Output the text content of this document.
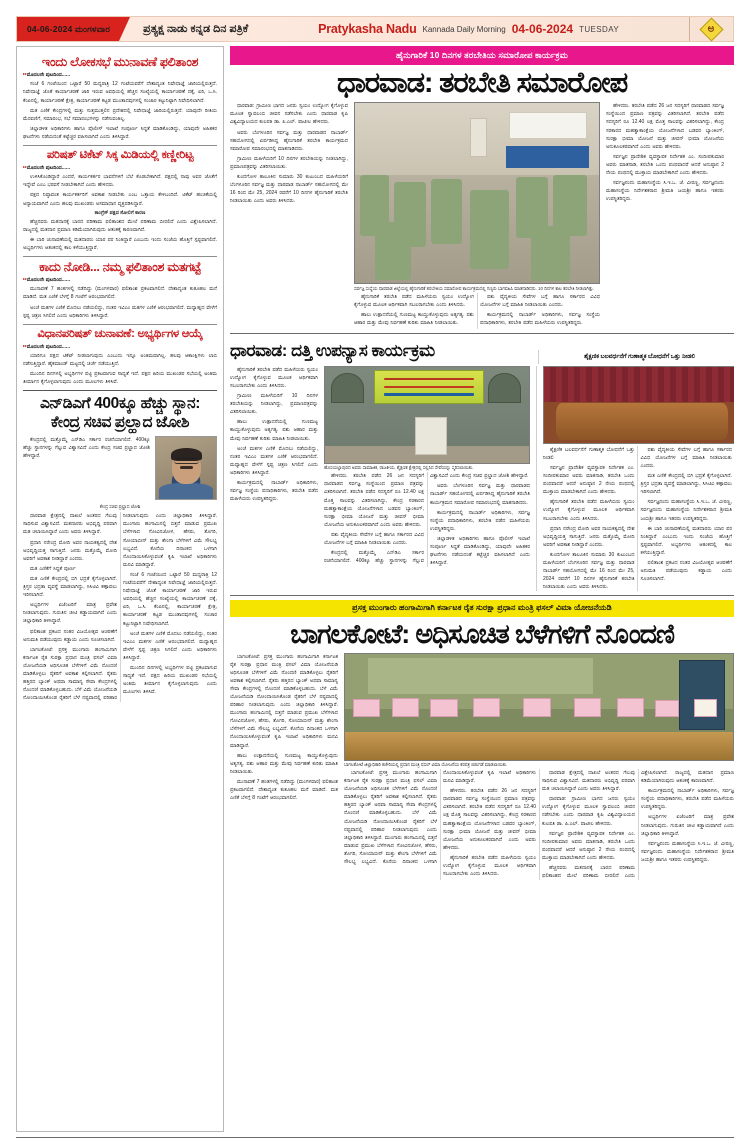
04-06-2024 ಮಂಗಳವಾರ	ಪ್ರತ್ಯಕ್ಷ ನಾಡು ಕನ್ನಡ ದಿನ ಪತ್ರಿಕೆ	Pratykasha Nadu Kannada Daily Morning 04-06-2024 TUESDAY	ಅ
ಇಂದು ಲೋಕಸಭೆ ಮುನಾವಣೆ ಫಲಿತಾಂಶ
▸▸ ಮೊದಲನೇ ಪುಟದಿಂದ......

ಸಂಜೆ 6 ಗಂಟೆಯಿಂದ ಒಟ್ಟಾರೆ 50 ಮಧ್ಯರಾತ್ರಿ 12 ಗಂಟೆಯವರೆಗೆ ದೇಶಾದ್ಯಂತ ನಿಷೇಧಾಜ್ಞೆ ಜಾರಿಯಲ್ಲಿರುತ್ತದೆ. ನಿಷೇಧಾಜ್ಞೆ ಜೊತೆ ಕಾರ್ಯಾಚರಣೆ ಜಾರಿ ಇರುವ ಅವಧಿಯಲ್ಲಿ ಹೆಚ್ಚಿನ ಸಂಖ್ಯೆಯಲ್ಲಿ ಕಾರ್ಯಾಚರಣೆ ದಕ್ಕೆ, ಏರಿ, ಒ.ಸಿ. ಕೆಂಪಿನಲ್ಲಿ, ಕಾರ್ಯಾಚರಣೆ ಕ್ಷೇತ್ರ, ಕಾರ್ಯಾಚರಣೆ ಕಟ್ಟಡ ಮುಂತಾದವುಗಳಲ್ಲಿ ಸಂಚಾರ ಕಟ್ಟುನಿಟ್ಟಾಗಿ ನಿಷೇಧಿಸಲಾಗಿದೆ.

ಮತ ಎಣಿಕೆ ಕೇಂದ್ರಗಳಲ್ಲಿ ಮತ್ತು ಸುತ್ತಮುತ್ತಲಿನ ಪ್ರದೇಶದಲ್ಲಿ ನಿಷೇಧಾಜ್ಞೆ ಜಾರಿಯಲ್ಲಿರುತ್ತದೆ. ಯಾವುದೇ ರೀತಿಯ ಮೆರವಣಿಗೆ, ಸಮಾರಂಭ, ಸಭೆ ಸಮಾರಂಭಗಳನ್ನು ನಡೆಸುವಂತಿಲ್ಲ.

ಜಿಲ್ಲಾಡಳಿತ ಅಧಿಕಾರಿಗಳು ಹಾಗೂ ಪೊಲೀಸ್ ಇಲಾಖೆ ಸಂಪೂರ್ಣ ಸಿದ್ಧತೆ ಮಾಡಿಕೊಂಡಿದ್ದು, ಯಾವುದೇ ಅಹಿತಕರ ಘಟನೆಗಳು ನಡೆಯದಂತೆ ಕಟ್ಟೆಚ್ಚರ ವಹಿಸಲಾಗಿದೆ ಎಂದು ತಿಳಿಸಿದ್ದಾರೆ.

ಪರಿಷತ್ ಟಿಕೆಟ್ ಸಿಕ್ಕ ಮಿಡಿಯಲ್ಲಿ ಕಣ್ಣೀರಿಟ್ಟ
▸▸ ಮೊದಲನೇ ಪುಟದಿಂದ......

ಉಳಿಸಿಕೊಂಡಿದ್ದಾರೆ ಎಂದರೆ, ಕಾರ್ಯಕರ್ತರ ಭಾವನೆಗಳಿಗೆ ಬೆಲೆ ಕೊಡಬೇಕಾಗಿದೆ. ಪಕ್ಷದಲ್ಲಿ ನಾವು ಅವರ ಜೊತೆಗೆ ಇದ್ದೇವೆ ಎಂಬ ಭರವಸೆ ನೀಡಬೇಕಾಗಿದೆ ಎಂದು ಹೇಳಿದರು.

ಪಕ್ಷದ ನಿಷ್ಠಾವಂತ ಕಾರ್ಯಕರ್ತರಿಗೆ ಅವಕಾಶ ನೀಡಬೇಕು ಎಂಬ ಒತ್ತಾಯ ಕೇಳಿಬಂದಿದೆ. ಟಿಕೆಟ್ ಹಂಚಿಕೆಯಲ್ಲಿ ಅನ್ಯಾಯವಾಗಿದೆ ಎಂದು ಹಲವು ಮುಖಂಡರು ಅಸಮಾಧಾನ ವ್ಯಕ್ತಪಡಿಸಿದ್ದಾರೆ.

ಕಾಂಗ್ರೆಸ್ ಪಕ್ಷದ ಸೋಲಿಗೆ ಕಾರಣ

ಹೆಚ್ಚಿನವರು ಮತದಾನಕ್ಕೆ ಬಾರದ ಪರಿಣಾಮ ಫಲಿತಾಂಶದ ಮೇಲೆ ಪರಿಣಾಮ ಬೀರಲಿದೆ ಎಂದು ವಿಶ್ಲೇಷಿಸಲಾಗಿದೆ. ರಾಜ್ಯದಲ್ಲಿ ಮತದಾನ ಪ್ರಮಾಣ ಕಡಿಮೆಯಾಗಿರುವುದು ಆತಂಕಕ್ಕೆ ಕಾರಣವಾಗಿದೆ.

ಈ ಬಾರಿ ಚುನಾವಣೆಯಲ್ಲಿ ಮತದಾರರು ಯಾರ ಪರ ನಿಂತಿದ್ದಾರೆ ಎಂಬುದು ಇಂದು ಸಂಜೆಯ ಹೊತ್ತಿಗೆ ಸ್ಪಷ್ಟವಾಗಲಿದೆ. ಅಭ್ಯರ್ಥಿಗಳು ಆತಂಕದಲ್ಲಿ ಕಾಲ ಕಳೆಯುತ್ತಿದ್ದಾರೆ.

ಕಾದು ನೋಡಿ... ನಮ್ಮ ಫಲಿತಾಂಶ ಮತಗಟ್ಟೆ
▸▸ ಮೊದಲನೇ ಪುಟದಿಂದ......

ಮುನಾವಣೆ 7 ಹಂತಗಳಲ್ಲಿ ನಡೆದಿದ್ದು (ಮಂಗಳವಾರ) ಫಲಿತಾಂಶ ಪ್ರಕಟವಾಗಲಿದೆ. ದೇಶಾದ್ಯಂತ ಕುತೂಹಲ ಮನೆ ಮಾಡಿದೆ. ಮತ ಎಣಿಕೆ ಬೆಳಗ್ಗೆ 8 ಗಂಟೆಗೆ ಆರಂಭವಾಗಲಿದೆ.

ಅಂಚೆ ಮತಗಳ ಎಣಿಕೆ ಮೊದಲು ನಡೆಯಲಿದ್ದು, ನಂತರ ಇವಿಎಂ ಮತಗಳ ಎಣಿಕೆ ಆರಂಭವಾಗಲಿದೆ. ಮಧ್ಯಾಹ್ನದ ವೇಳೆಗೆ ಸ್ಪಷ್ಟ ಚಿತ್ರಣ ಸಿಗಲಿದೆ ಎಂದು ಅಧಿಕಾರಿಗಳು ತಿಳಿಸಿದ್ದಾರೆ.

ವಿಧಾನಪರಿಷತ್ ಚುನಾವಣೆ: ಅಭ್ಯರ್ಥಿಗಳ ಆಯ್ಕೆ
▸▸ ಮೊದಲನೇ ಪುಟದಿಂದ......

ಯಾರಿಗೂ ಪಕ್ಷದ ಟಿಕೆಟ್ ನೀಡಲಾಗುವುದು ಎಂಬುದು ಇನ್ನೂ ಅಂತಿಮವಾಗಿಲ್ಲ. ಹಲವು ಆಕಾಂಕ್ಷಿಗಳು ಲಾಬಿ ನಡೆಸುತ್ತಿದ್ದಾರೆ. ಹೈಕಮಾಂಡ್ ಮಟ್ಟದಲ್ಲಿ ಚರ್ಚೆ ನಡೆಯುತ್ತಿದೆ.

ಮುಂದಿನ ದಿನಗಳಲ್ಲಿ ಅಭ್ಯರ್ಥಿಗಳ ಪಟ್ಟಿ ಪ್ರಕಟವಾಗುವ ಸಾಧ್ಯತೆ ಇದೆ. ಪಕ್ಷದ ಹಿರಿಯ ಮುಖಂಡರ ಸಭೆಯಲ್ಲಿ ಅಂತಿಮ ತೀರ್ಮಾನ ಕೈಗೊಳ್ಳಲಾಗುವುದು ಎಂದು ಮೂಲಗಳು ತಿಳಿಸಿವೆ.

ಎನ್‌ಡಿಎಗೆ 400ಕ್ಕೂ ಹೆಚ್ಚು ಸ್ಥಾನ:
ಕೇಂದ್ರ ಸಚಿವ ಪ್ರಲ್ಹಾದ ಜೋಶಿ

ಕೇಂದ್ರದಲ್ಲಿ ಮತ್ತೊಮ್ಮೆ ಎನ್‌ಡಿಎ ಸರ್ಕಾರ ರಚನೆಯಾಗಲಿದೆ. 400ಕ್ಕೂ ಹೆಚ್ಚು ಸ್ಥಾನಗಳನ್ನು ಗೆಲ್ಲುವ ವಿಶ್ವಾಸವಿದೆ ಎಂದು ಕೇಂದ್ರ ಸಚಿವ ಪ್ರಲ್ಹಾದ ಜೋಶಿ ಹೇಳಿದ್ದಾರೆ.

ಕೇಂದ್ರ ಸಚಿವ ಪ್ರಲ್ಹಾದ ಜೋಶಿ

ಧಾರವಾಡ ಕ್ಷೇತ್ರದಲ್ಲಿ ದಾಖಲೆ ಅಂತರದ ಗೆಲುವು ಸಾಧಿಸುವ ವಿಶ್ವಾಸವಿದೆ. ಮತದಾರರು ಅಭಿವೃದ್ಧಿ ಪರವಾಗಿ ಮತ ಚಲಾಯಿಸಿದ್ದಾರೆ ಎಂದು ಅವರು ತಿಳಿಸಿದ್ದಾರೆ.

ಪ್ರಧಾನಿ ನರೇಂದ್ರ ಮೋದಿ ಅವರ ನಾಯಕತ್ವದಲ್ಲಿ ದೇಶ ಅಭಿವೃದ್ಧಿಯತ್ತ ಸಾಗುತ್ತಿದೆ. ಜನರು ಮತ್ತೊಮ್ಮೆ ಮೋದಿ ಅವರಿಗೆ ಅವಕಾಶ ನೀಡಿದ್ದಾರೆ ಎಂದರು.

ಮತ ಎಣಿಕೆಗೆ ಸಿದ್ಧತೆ ಪೂರ್ಣ

ಮತ ಎಣಿಕೆ ಕೇಂದ್ರದಲ್ಲಿ ಬಿಗಿ ಭದ್ರತೆ ಕೈಗೊಳ್ಳಲಾಗಿದೆ. ತ್ರಿಸ್ತರ ಭದ್ರತಾ ವ್ಯವಸ್ಥೆ ಮಾಡಲಾಗಿದ್ದು, ಸಿಸಿಟಿವಿ ಕಣ್ಗಾವಲು ಇರಿಸಲಾಗಿದೆ.

ಅಭ್ಯರ್ಥಿಗಳ ಏಜೆಂಟರಿಗೆ ಮಾತ್ರ ಪ್ರವೇಶ ನೀಡಲಾಗುವುದು. ಗುರುತಿನ ಚೀಟಿ ಕಡ್ಡಾಯವಾಗಿದೆ ಎಂದು ಜಿಲ್ಲಾಧಿಕಾರಿ ತಿಳಿಸಿದ್ದಾರೆ.

ಫಲಿತಾಂಶ ಪ್ರಕಟದ ನಂತರ ವಿಜಯೋತ್ಸವ ಆಚರಣೆಗೆ ಅನುಮತಿ ಪಡೆಯುವುದು ಕಡ್ಡಾಯ ಎಂದು ಸೂಚಿಸಲಾಗಿದೆ.

ಬಾಗಲಕೋಟೆ: ಪ್ರಸಕ್ತ ಮುಂಗಾರು ಹಂಗಾಮಿಗಾಗಿ ಕರ್ನಾಟಕ ರೈತ ಸುರಕ್ಷಾ ಪ್ರಧಾನ ಮಂತ್ರಿ ಫಸಲ್ ವಿಮಾ ಯೋಜನೆಯಡಿ ಅಧಿಸೂಚಿತ ಬೆಳೆಗಳಿಗೆ ವಿಮೆ ನೊಂದಣಿ ಮಾಡಿಕೊಳ್ಳಲು ರೈತರಿಗೆ ಅವಕಾಶ ಕಲ್ಪಿಸಲಾಗಿದೆ. ರೈತರು ಹತ್ತಿರದ ಬ್ಯಾಂಕ್ ಅಥವಾ ಸಾಮಾನ್ಯ ಸೇವಾ ಕೇಂದ್ರಗಳಲ್ಲಿ ನೊಂದಣಿ ಮಾಡಿಕೊಳ್ಳಬಹುದು. ಬೆಳೆ ವಿಮೆ ಯೋಜನೆಯಡಿ ನೋಂದಾಯಿಸಿಕೊಂಡ ರೈತರಿಗೆ ಬೆಳೆ ನಷ್ಟವಾದಲ್ಲಿ ಪರಿಹಾರ ನೀಡಲಾಗುವುದು ಎಂದು ಜಿಲ್ಲಾಧಿಕಾರಿ ತಿಳಿಸಿದ್ದಾರೆ. ಮುಂಗಾರು ಹಂಗಾಮಿನಲ್ಲಿ ಬಿತ್ತನೆ ಮಾಡುವ ಪ್ರಮುಖ ಬೆಳೆಗಳಾದ ಗೋವಿನಜೋಳ, ಹೆಸರು, ತೊಗರಿ, ಸೋಯಾಬೀನ್ ಮತ್ತು ಶೇಂಗಾ ಬೆಳೆಗಳಿಗೆ ವಿಮೆ ಸೌಲಭ್ಯ ಲಭ್ಯವಿದೆ. ಕೊನೆಯ ದಿನಾಂಕದ ಒಳಗಾಗಿ ನೊಂದಾಯಿಸಿಕೊಳ್ಳುವಂತೆ ಕೃಷಿ ಇಲಾಖೆ ಅಧಿಕಾರಿಗಳು ಮನವಿ ಮಾಡಿದ್ದಾರೆ.

ಸಂಜೆ 6 ಗಂಟೆಯಿಂದ ಒಟ್ಟಾರೆ 50 ಮಧ್ಯರಾತ್ರಿ 12 ಗಂಟೆಯವರೆಗೆ ದೇಶಾದ್ಯಂತ ನಿಷೇಧಾಜ್ಞೆ ಜಾರಿಯಲ್ಲಿರುತ್ತದೆ. ನಿಷೇಧಾಜ್ಞೆ ಜೊತೆ ಕಾರ್ಯಾಚರಣೆ ಜಾರಿ ಇರುವ ಅವಧಿಯಲ್ಲಿ ಹೆಚ್ಚಿನ ಸಂಖ್ಯೆಯಲ್ಲಿ ಕಾರ್ಯಾಚರಣೆ ದಕ್ಕೆ, ಏರಿ, ಒ.ಸಿ. ಕೆಂಪಿನಲ್ಲಿ, ಕಾರ್ಯಾಚರಣೆ ಕ್ಷೇತ್ರ, ಕಾರ್ಯಾಚರಣೆ ಕಟ್ಟಡ ಮುಂತಾದವುಗಳಲ್ಲಿ ಸಂಚಾರ ಕಟ್ಟುನಿಟ್ಟಾಗಿ ನಿಷೇಧಿಸಲಾಗಿದೆ.

ಅಂಚೆ ಮತಗಳ ಎಣಿಕೆ ಮೊದಲು ನಡೆಯಲಿದ್ದು, ನಂತರ ಇವಿಎಂ ಮತಗಳ ಎಣಿಕೆ ಆರಂಭವಾಗಲಿದೆ. ಮಧ್ಯಾಹ್ನದ ವೇಳೆಗೆ ಸ್ಪಷ್ಟ ಚಿತ್ರಣ ಸಿಗಲಿದೆ ಎಂದು ಅಧಿಕಾರಿಗಳು ತಿಳಿಸಿದ್ದಾರೆ.

ಮುಂದಿನ ದಿನಗಳಲ್ಲಿ ಅಭ್ಯರ್ಥಿಗಳ ಪಟ್ಟಿ ಪ್ರಕಟವಾಗುವ ಸಾಧ್ಯತೆ ಇದೆ. ಪಕ್ಷದ ಹಿರಿಯ ಮುಖಂಡರ ಸಭೆಯಲ್ಲಿ ಅಂತಿಮ ತೀರ್ಮಾನ ಕೈಗೊಳ್ಳಲಾಗುವುದು ಎಂದು ಮೂಲಗಳು ತಿಳಿಸಿವೆ.

ಹೈನುಗಾರಿಕೆ 10 ದಿನಗಳ ತರಬೇತಿಯ ಸಮಾರೋಪ ಕಾರ್ಯಕ್ರಮ
ಧಾರವಾಡ: ತರಬೇತಿ ಸಮಾರೋಪ

ಧಾರವಾಡ: ಗ್ರಾಮೀಣ ಭಾಗದ ಜನರು ಸ್ವಯಂ ಉದ್ಯೋಗ ಕೈಗೊಳ್ಳುವ ಮೂಲಕ ಸ್ವಾವಲಂಬಿ ಜೀವನ ನಡೆಸಬೇಕು ಎಂದು ಧಾರವಾಡ ಕೃಷಿ ವಿಶ್ವವಿದ್ಯಾಲಯದ ಕುಲಪತಿ ಡಾ. ಪಿ.ಎಲ್. ಪಾಟೀಲ ಹೇಳಿದರು.

ಅವರು ಬೆಂಗಳೂರಿನ ಸರ್ವಜ್ಞ ಮತ್ತು ಧಾರವಾಡದ ನಾಬಾರ್ಡ್ ಸಹಯೋಗದಲ್ಲಿ ಏರ್ಪಡಿಸಿದ್ದ ಹೈನುಗಾರಿಕೆ ತರಬೇತಿ ಕಾರ್ಯಕ್ರಮದ ಸಮಾರೋಪ ಸಮಾರಂಭದಲ್ಲಿ ಮಾತನಾಡಿದರು.

ಗ್ರಾಮೀಣ ಮಹಿಳೆಯರಿಗೆ 10 ದಿನಗಳ ತರಬೇತಿಯನ್ನು ನೀಡಲಾಗಿದ್ದು, ಪ್ರಮಾಣಪತ್ರವನ್ನು ವಿತರಿಸಲಾಯಿತು.

ಕುಂದಗೋಳ ತಾಲೂಕಿನ ಸುಮಾರು 30 ಕುಟುಂಬದ ಮಹಿಳೆಯರಿಗೆ ಬೆಂಗಳೂರಿನ ಸರ್ವಜ್ಞ ಮತ್ತು ಧಾರವಾಡ ನಾಬಾರ್ಡ್ ಸಹಯೋಗದಲ್ಲಿ ಮೇ 16 ರಿಂದ ಮೇ 25, 2024 ರವರೆಗೆ 10 ದಿನಗಳ ಹೈನುಗಾರಿಕೆ ತರಬೇತಿ ನೀಡಲಾಯಿತು ಎಂದು ಅವರು ತಿಳಿಸಿದರು.

ಸರ್ವಜ್ಞ ಸಂಸ್ಥೆಯ ಧಾರವಾಡ ಜಿಲ್ಲೆಯಲ್ಲಿ ಹೈನುಗಾರಿಕೆ ತರಬೇತಿಯ ಸಮಾರೋಪ ಕಾರ್ಯಕ್ರಮದಲ್ಲಿ ಗಣ್ಯರು ಭಾಗವಹಿಸಿ ಮಾತನಾಡಿದರು. 10 ದಿನಗಳ ಕಾಲ ತರಬೇತಿ ನೀಡಲಾಗಿತ್ತು.

ಹೈನುಗಾರಿಕೆ ತರಬೇತಿ ಪಡೆದ ಮಹಿಳೆಯರು ಸ್ವಯಂ ಉದ್ಯೋಗ ಕೈಗೊಳ್ಳುವ ಮೂಲಕ ಆರ್ಥಿಕವಾಗಿ ಸಬಲರಾಗಬೇಕು ಎಂದು ತಿಳಿಸಿದರು.

ಹಾಲು ಉತ್ಪಾದನೆಯಲ್ಲಿ ಗುಣಮಟ್ಟ ಕಾಯ್ದುಕೊಳ್ಳುವುದು ಅತ್ಯಗತ್ಯ. ಪಶು ಆಹಾರ ಮತ್ತು ಮೇವು ನಿರ್ವಹಣೆ ಕುರಿತು ಮಾಹಿತಿ ನೀಡಲಾಯಿತು.

ಪಶು ವೈದ್ಯಕೀಯ ಸೇವೆಗಳ ಬಗ್ಗೆ ಹಾಗೂ ಸರ್ಕಾರದ ವಿವಿಧ ಯೋಜನೆಗಳ ಬಗ್ಗೆ ಮಾಹಿತಿ ನೀಡಲಾಯಿತು ಎಂದರು.

ಕಾರ್ಯಕ್ರಮದಲ್ಲಿ ನಾಬಾರ್ಡ್ ಅಧಿಕಾರಿಗಳು, ಸರ್ವಜ್ಞ ಸಂಸ್ಥೆಯ ಪದಾಧಿಕಾರಿಗಳು, ತರಬೇತಿ ಪಡೆದ ಮಹಿಳೆಯರು ಉಪಸ್ಥಿತರಿದ್ದರು.

ಹೇಳಿದರು. ತರಬೇತಿ ಪಡೆದ 26 ಜನ ಸದಸ್ಯರಿಗೆ ಧಾರವಾಡದ ಸರ್ವಜ್ಞ ಸಂಸ್ಥೆಯಿಂದ ಪ್ರಮಾಣ ಪತ್ರವನ್ನು ವಿತರಿಸಲಾಗಿದೆ. ತರಬೇತಿ ಪಡೆದ ಸದಸ್ಯರಿಗೆ ರೂ 12.40 ಲಕ್ಷ ಮೊತ್ತ ಸಾಲವನ್ನು ವಿತರಿಸಲಾಗಿದ್ದು, ಕೇಂದ್ರ ಸರಕಾರದ ಮಹತ್ವಾಕಾಂಕ್ಷೆಯ ಯೋಜನೆಗಳಾದ ಬಡವರ ಬ್ಯಾಂಕಿಂಗ್, ಸುರಕ್ಷಾ ಭೀಮಾ ಯೋಜನೆ ಮತ್ತು ಜೀವನ್ ಭೀಮಾ ಯೋಜನೆಯ ಅನುಕೂಲಕರವಾಗಿದೆ ಎಂದು ಅವರು ಹೇಳಿದರು.

ಸರ್ವಜ್ಞನ ಪ್ರಾದೇಶಿಕ ವ್ಯವಸ್ಥಾಪಕ ನಿರ್ದೇಶಕ ಎಂ. ಸಂದೀಪಕುಮಾರ ಅವರು ಮಾತನಾಡಿ, ತರಬೇತಿ ಒಂದು ಪಂಥವಾದರೆ ಆದರೆ ಅನುಷ್ಠಾನ 2 ನೇಯ ಪಂಥದಲ್ಲಿ ಮುಕ್ತಾಯ ಮಾಡಬೇಕಾಗಿದೆ ಎಂದು ಹೇಳಿದರು.

ಸರ್ವಜ್ಞನಂದು ಮಹಾಸಂಸ್ಥೆಯ ಸಿ.ಇ.ಒ. ಜೆ. ವೀರಣ್ಣ, ಸರ್ವಜ್ಞನಂದು ಮಹಾಸಂಸ್ಥೆಯ ನಿರ್ದೇಶಕರಾದ ಶ್ರೀಮತಿ ಜಯಶ್ರೀ ಹಾಗೂ ಇತರರು ಉಪಸ್ಥಿತರಿದ್ದರು.

ಧಾರವಾಡ: ದತ್ತಿ ಉಪನ್ಯಾಸ ಕಾರ್ಯಕ್ರಮ	ಶೈಕ್ಷಣಿಕ ಬಲವರ್ಧನೆಗೆ ಗುಣಾತ್ಮಕ ಬೋಧನೆಗೆ ಒತ್ತು ನೀಡಲಿ

ಹೈನುಗಾರಿಕೆ ತರಬೇತಿ ಪಡೆದ ಮಹಿಳೆಯರು ಸ್ವಯಂ ಉದ್ಯೋಗ ಕೈಗೊಳ್ಳುವ ಮೂಲಕ ಆರ್ಥಿಕವಾಗಿ ಸಬಲರಾಗಬೇಕು ಎಂದು ತಿಳಿಸಿದರು.

ಗ್ರಾಮೀಣ ಮಹಿಳೆಯರಿಗೆ 10 ದಿನಗಳ ತರಬೇತಿಯನ್ನು ನೀಡಲಾಗಿದ್ದು, ಪ್ರಮಾಣಪತ್ರವನ್ನು ವಿತರಿಸಲಾಯಿತು.

ಹಾಲು ಉತ್ಪಾದನೆಯಲ್ಲಿ ಗುಣಮಟ್ಟ ಕಾಯ್ದುಕೊಳ್ಳುವುದು ಅತ್ಯಗತ್ಯ. ಪಶು ಆಹಾರ ಮತ್ತು ಮೇವು ನಿರ್ವಹಣೆ ಕುರಿತು ಮಾಹಿತಿ ನೀಡಲಾಯಿತು.

ಅಂಚೆ ಮತಗಳ ಎಣಿಕೆ ಮೊದಲು ನಡೆಯಲಿದ್ದು, ನಂತರ ಇವಿಎಂ ಮತಗಳ ಎಣಿಕೆ ಆರಂಭವಾಗಲಿದೆ. ಮಧ್ಯಾಹ್ನದ ವೇಳೆಗೆ ಸ್ಪಷ್ಟ ಚಿತ್ರಣ ಸಿಗಲಿದೆ ಎಂದು ಅಧಿಕಾರಿಗಳು ತಿಳಿಸಿದ್ದಾರೆ.

ಕಾರ್ಯಕ್ರಮದಲ್ಲಿ ನಾಬಾರ್ಡ್ ಅಧಿಕಾರಿಗಳು, ಸರ್ವಜ್ಞ ಸಂಸ್ಥೆಯ ಪದಾಧಿಕಾರಿಗಳು, ತರಬೇತಿ ಪಡೆದ ಮಹಿಳೆಯರು ಉಪಸ್ಥಿತರಿದ್ದರು.

ಹೊಸಯಲ್ಲಾಪುರದ ಅವರು ಸಾಮಾಜಿಕ, ರಾಜಕೀಯ, ಶೈಕ್ಷಣಿಕ ಕ್ಷೇತ್ರದಲ್ಲಿ ಸಲ್ಲಿಸಿದ ಸೇವೆಯನ್ನು ಸ್ಮರಿಸಲಾಯಿತು.

ಹೇಳಿದರು. ತರಬೇತಿ ಪಡೆದ 26 ಜನ ಸದಸ್ಯರಿಗೆ ಧಾರವಾಡದ ಸರ್ವಜ್ಞ ಸಂಸ್ಥೆಯಿಂದ ಪ್ರಮಾಣ ಪತ್ರವನ್ನು ವಿತರಿಸಲಾಗಿದೆ. ತರಬೇತಿ ಪಡೆದ ಸದಸ್ಯರಿಗೆ ರೂ 12.40 ಲಕ್ಷ ಮೊತ್ತ ಸಾಲವನ್ನು ವಿತರಿಸಲಾಗಿದ್ದು, ಕೇಂದ್ರ ಸರಕಾರದ ಮಹತ್ವಾಕಾಂಕ್ಷೆಯ ಯೋಜನೆಗಳಾದ ಬಡವರ ಬ್ಯಾಂಕಿಂಗ್, ಸುರಕ್ಷಾ ಭೀಮಾ ಯೋಜನೆ ಮತ್ತು ಜೀವನ್ ಭೀಮಾ ಯೋಜನೆಯ ಅನುಕೂಲಕರವಾಗಿದೆ ಎಂದು ಅವರು ಹೇಳಿದರು.

ಪಶು ವೈದ್ಯಕೀಯ ಸೇವೆಗಳ ಬಗ್ಗೆ ಹಾಗೂ ಸರ್ಕಾರದ ವಿವಿಧ ಯೋಜನೆಗಳ ಬಗ್ಗೆ ಮಾಹಿತಿ ನೀಡಲಾಯಿತು ಎಂದರು.

ಕೇಂದ್ರದಲ್ಲಿ ಮತ್ತೊಮ್ಮೆ ಎನ್‌ಡಿಎ ಸರ್ಕಾರ ರಚನೆಯಾಗಲಿದೆ. 400ಕ್ಕೂ ಹೆಚ್ಚು ಸ್ಥಾನಗಳನ್ನು ಗೆಲ್ಲುವ ವಿಶ್ವಾಸವಿದೆ ಎಂದು ಕೇಂದ್ರ ಸಚಿವ ಪ್ರಲ್ಹಾದ ಜೋಶಿ ಹೇಳಿದ್ದಾರೆ.

ಅವರು ಬೆಂಗಳೂರಿನ ಸರ್ವಜ್ಞ ಮತ್ತು ಧಾರವಾಡದ ನಾಬಾರ್ಡ್ ಸಹಯೋಗದಲ್ಲಿ ಏರ್ಪಡಿಸಿದ್ದ ಹೈನುಗಾರಿಕೆ ತರಬೇತಿ ಕಾರ್ಯಕ್ರಮದ ಸಮಾರೋಪ ಸಮಾರಂಭದಲ್ಲಿ ಮಾತನಾಡಿದರು.

ಕಾರ್ಯಕ್ರಮದಲ್ಲಿ ನಾಬಾರ್ಡ್ ಅಧಿಕಾರಿಗಳು, ಸರ್ವಜ್ಞ ಸಂಸ್ಥೆಯ ಪದಾಧಿಕಾರಿಗಳು, ತರಬೇತಿ ಪಡೆದ ಮಹಿಳೆಯರು ಉಪಸ್ಥಿತರಿದ್ದರು.

ಜಿಲ್ಲಾಡಳಿತ ಅಧಿಕಾರಿಗಳು ಹಾಗೂ ಪೊಲೀಸ್ ಇಲಾಖೆ ಸಂಪೂರ್ಣ ಸಿದ್ಧತೆ ಮಾಡಿಕೊಂಡಿದ್ದು, ಯಾವುದೇ ಅಹಿತಕರ ಘಟನೆಗಳು ನಡೆಯದಂತೆ ಕಟ್ಟೆಚ್ಚರ ವಹಿಸಲಾಗಿದೆ ಎಂದು ತಿಳಿಸಿದ್ದಾರೆ.

ಶೈಕ್ಷಣಿಕ ಬಲವರ್ಧನೆಗೆ ಗುಣಾತ್ಮಕ ಬೋಧನೆಗೆ ಒತ್ತು ನೀಡಲಿ

ಸರ್ವಜ್ಞನ ಪ್ರಾದೇಶಿಕ ವ್ಯವಸ್ಥಾಪಕ ನಿರ್ದೇಶಕ ಎಂ. ಸಂದೀಪಕುಮಾರ ಅವರು ಮಾತನಾಡಿ, ತರಬೇತಿ ಒಂದು ಪಂಥವಾದರೆ ಆದರೆ ಅನುಷ್ಠಾನ 2 ನೇಯ ಪಂಥದಲ್ಲಿ ಮುಕ್ತಾಯ ಮಾಡಬೇಕಾಗಿದೆ ಎಂದು ಹೇಳಿದರು.

ಹೈನುಗಾರಿಕೆ ತರಬೇತಿ ಪಡೆದ ಮಹಿಳೆಯರು ಸ್ವಯಂ ಉದ್ಯೋಗ ಕೈಗೊಳ್ಳುವ ಮೂಲಕ ಆರ್ಥಿಕವಾಗಿ ಸಬಲರಾಗಬೇಕು ಎಂದು ತಿಳಿಸಿದರು.

ಪ್ರಧಾನಿ ನರೇಂದ್ರ ಮೋದಿ ಅವರ ನಾಯಕತ್ವದಲ್ಲಿ ದೇಶ ಅಭಿವೃದ್ಧಿಯತ್ತ ಸಾಗುತ್ತಿದೆ. ಜನರು ಮತ್ತೊಮ್ಮೆ ಮೋದಿ ಅವರಿಗೆ ಅವಕಾಶ ನೀಡಿದ್ದಾರೆ ಎಂದರು.

ಕುಂದಗೋಳ ತಾಲೂಕಿನ ಸುಮಾರು 30 ಕುಟುಂಬದ ಮಹಿಳೆಯರಿಗೆ ಬೆಂಗಳೂರಿನ ಸರ್ವಜ್ಞ ಮತ್ತು ಧಾರವಾಡ ನಾಬಾರ್ಡ್ ಸಹಯೋಗದಲ್ಲಿ ಮೇ 16 ರಿಂದ ಮೇ 25, 2024 ರವರೆಗೆ 10 ದಿನಗಳ ಹೈನುಗಾರಿಕೆ ತರಬೇತಿ ನೀಡಲಾಯಿತು ಎಂದು ಅವರು ತಿಳಿಸಿದರು.

ಪಶು ವೈದ್ಯಕೀಯ ಸೇವೆಗಳ ಬಗ್ಗೆ ಹಾಗೂ ಸರ್ಕಾರದ ವಿವಿಧ ಯೋಜನೆಗಳ ಬಗ್ಗೆ ಮಾಹಿತಿ ನೀಡಲಾಯಿತು ಎಂದರು.

ಮತ ಎಣಿಕೆ ಕೇಂದ್ರದಲ್ಲಿ ಬಿಗಿ ಭದ್ರತೆ ಕೈಗೊಳ್ಳಲಾಗಿದೆ. ತ್ರಿಸ್ತರ ಭದ್ರತಾ ವ್ಯವಸ್ಥೆ ಮಾಡಲಾಗಿದ್ದು, ಸಿಸಿಟಿವಿ ಕಣ್ಗಾವಲು ಇರಿಸಲಾಗಿದೆ.

ಸರ್ವಜ್ಞನಂದು ಮಹಾಸಂಸ್ಥೆಯ ಸಿ.ಇ.ಒ. ಜೆ. ವೀರಣ್ಣ, ಸರ್ವಜ್ಞನಂದು ಮಹಾಸಂಸ್ಥೆಯ ನಿರ್ದೇಶಕರಾದ ಶ್ರೀಮತಿ ಜಯಶ್ರೀ ಹಾಗೂ ಇತರರು ಉಪಸ್ಥಿತರಿದ್ದರು.

ಈ ಬಾರಿ ಚುನಾವಣೆಯಲ್ಲಿ ಮತದಾರರು ಯಾರ ಪರ ನಿಂತಿದ್ದಾರೆ ಎಂಬುದು ಇಂದು ಸಂಜೆಯ ಹೊತ್ತಿಗೆ ಸ್ಪಷ್ಟವಾಗಲಿದೆ. ಅಭ್ಯರ್ಥಿಗಳು ಆತಂಕದಲ್ಲಿ ಕಾಲ ಕಳೆಯುತ್ತಿದ್ದಾರೆ.

ಫಲಿತಾಂಶ ಪ್ರಕಟದ ನಂತರ ವಿಜಯೋತ್ಸವ ಆಚರಣೆಗೆ ಅನುಮತಿ ಪಡೆಯುವುದು ಕಡ್ಡಾಯ ಎಂದು ಸೂಚಿಸಲಾಗಿದೆ.

ಪ್ರಸಕ್ತ ಮುಂಗಾರು ಹಂಗಾಮಿಗಾಗಿ ಕರ್ನಾಟಕ ರೈತ ಸುರಕ್ಷಾ ಪ್ರಧಾನ ಮಂತ್ರಿ ಫಸಲ್ ವಿಮಾ ಯೋಜನೆಯಡಿ
ಬಾಗಲಕೋಟೆ: ಅಧಿಸೂಚಿತ ಬೆಳೆಗಳಿಗೆ ನೊಂದಣಿ

ಬಾಗಲಕೋಟೆ: ಪ್ರಸಕ್ತ ಮುಂಗಾರು ಹಂಗಾಮಿಗಾಗಿ ಕರ್ನಾಟಕ ರೈತ ಸುರಕ್ಷಾ ಪ್ರಧಾನ ಮಂತ್ರಿ ಫಸಲ್ ವಿಮಾ ಯೋಜನೆಯಡಿ ಅಧಿಸೂಚಿತ ಬೆಳೆಗಳಿಗೆ ವಿಮೆ ನೊಂದಣಿ ಮಾಡಿಕೊಳ್ಳಲು ರೈತರಿಗೆ ಅವಕಾಶ ಕಲ್ಪಿಸಲಾಗಿದೆ. ರೈತರು ಹತ್ತಿರದ ಬ್ಯಾಂಕ್ ಅಥವಾ ಸಾಮಾನ್ಯ ಸೇವಾ ಕೇಂದ್ರಗಳಲ್ಲಿ ನೊಂದಣಿ ಮಾಡಿಕೊಳ್ಳಬಹುದು. ಬೆಳೆ ವಿಮೆ ಯೋಜನೆಯಡಿ ನೋಂದಾಯಿಸಿಕೊಂಡ ರೈತರಿಗೆ ಬೆಳೆ ನಷ್ಟವಾದಲ್ಲಿ ಪರಿಹಾರ ನೀಡಲಾಗುವುದು ಎಂದು ಜಿಲ್ಲಾಧಿಕಾರಿ ತಿಳಿಸಿದ್ದಾರೆ. ಮುಂಗಾರು ಹಂಗಾಮಿನಲ್ಲಿ ಬಿತ್ತನೆ ಮಾಡುವ ಪ್ರಮುಖ ಬೆಳೆಗಳಾದ ಗೋವಿನಜೋಳ, ಹೆಸರು, ತೊಗರಿ, ಸೋಯಾಬೀನ್ ಮತ್ತು ಶೇಂಗಾ ಬೆಳೆಗಳಿಗೆ ವಿಮೆ ಸೌಲಭ್ಯ ಲಭ್ಯವಿದೆ. ಕೊನೆಯ ದಿನಾಂಕದ ಒಳಗಾಗಿ ನೊಂದಾಯಿಸಿಕೊಳ್ಳುವಂತೆ ಕೃಷಿ ಇಲಾಖೆ ಅಧಿಕಾರಿಗಳು ಮನವಿ ಮಾಡಿದ್ದಾರೆ.

ಹಾಲು ಉತ್ಪಾದನೆಯಲ್ಲಿ ಗುಣಮಟ್ಟ ಕಾಯ್ದುಕೊಳ್ಳುವುದು ಅತ್ಯಗತ್ಯ. ಪಶು ಆಹಾರ ಮತ್ತು ಮೇವು ನಿರ್ವಹಣೆ ಕುರಿತು ಮಾಹಿತಿ ನೀಡಲಾಯಿತು.

ಮುನಾವಣೆ 7 ಹಂತಗಳಲ್ಲಿ ನಡೆದಿದ್ದು (ಮಂಗಳವಾರ) ಫಲಿತಾಂಶ ಪ್ರಕಟವಾಗಲಿದೆ. ದೇಶಾದ್ಯಂತ ಕುತೂಹಲ ಮನೆ ಮಾಡಿದೆ. ಮತ ಎಣಿಕೆ ಬೆಳಗ್ಗೆ 8 ಗಂಟೆಗೆ ಆರಂಭವಾಗಲಿದೆ.

ಬಾಗಲಕೋಟೆ ಜಿಲ್ಲಾಧಿಕಾರಿ ಕಚೇರಿಯಲ್ಲಿ ಪ್ರಧಾನ ಮಂತ್ರಿ ಫಸಲ್ ವಿಮಾ ಯೋಜನೆಯ ಕರಪತ್ರ ಬಿಡುಗಡೆ ಮಾಡಲಾಯಿತು.

ಬಾಗಲಕೋಟೆ: ಪ್ರಸಕ್ತ ಮುಂಗಾರು ಹಂಗಾಮಿಗಾಗಿ ಕರ್ನಾಟಕ ರೈತ ಸುರಕ್ಷಾ ಪ್ರಧಾನ ಮಂತ್ರಿ ಫಸಲ್ ವಿಮಾ ಯೋಜನೆಯಡಿ ಅಧಿಸೂಚಿತ ಬೆಳೆಗಳಿಗೆ ವಿಮೆ ನೊಂದಣಿ ಮಾಡಿಕೊಳ್ಳಲು ರೈತರಿಗೆ ಅವಕಾಶ ಕಲ್ಪಿಸಲಾಗಿದೆ. ರೈತರು ಹತ್ತಿರದ ಬ್ಯಾಂಕ್ ಅಥವಾ ಸಾಮಾನ್ಯ ಸೇವಾ ಕೇಂದ್ರಗಳಲ್ಲಿ ನೊಂದಣಿ ಮಾಡಿಕೊಳ್ಳಬಹುದು. ಬೆಳೆ ವಿಮೆ ಯೋಜನೆಯಡಿ ನೋಂದಾಯಿಸಿಕೊಂಡ ರೈತರಿಗೆ ಬೆಳೆ ನಷ್ಟವಾದಲ್ಲಿ ಪರಿಹಾರ ನೀಡಲಾಗುವುದು ಎಂದು ಜಿಲ್ಲಾಧಿಕಾರಿ ತಿಳಿಸಿದ್ದಾರೆ. ಮುಂಗಾರು ಹಂಗಾಮಿನಲ್ಲಿ ಬಿತ್ತನೆ ಮಾಡುವ ಪ್ರಮುಖ ಬೆಳೆಗಳಾದ ಗೋವಿನಜೋಳ, ಹೆಸರು, ತೊಗರಿ, ಸೋಯಾಬೀನ್ ಮತ್ತು ಶೇಂಗಾ ಬೆಳೆಗಳಿಗೆ ವಿಮೆ ಸೌಲಭ್ಯ ಲಭ್ಯವಿದೆ. ಕೊನೆಯ ದಿನಾಂಕದ ಒಳಗಾಗಿ ನೊಂದಾಯಿಸಿಕೊಳ್ಳುವಂತೆ ಕೃಷಿ ಇಲಾಖೆ ಅಧಿಕಾರಿಗಳು ಮನವಿ ಮಾಡಿದ್ದಾರೆ.

ಹೇಳಿದರು. ತರಬೇತಿ ಪಡೆದ 26 ಜನ ಸದಸ್ಯರಿಗೆ ಧಾರವಾಡದ ಸರ್ವಜ್ಞ ಸಂಸ್ಥೆಯಿಂದ ಪ್ರಮಾಣ ಪತ್ರವನ್ನು ವಿತರಿಸಲಾಗಿದೆ. ತರಬೇತಿ ಪಡೆದ ಸದಸ್ಯರಿಗೆ ರೂ 12.40 ಲಕ್ಷ ಮೊತ್ತ ಸಾಲವನ್ನು ವಿತರಿಸಲಾಗಿದ್ದು, ಕೇಂದ್ರ ಸರಕಾರದ ಮಹತ್ವಾಕಾಂಕ್ಷೆಯ ಯೋಜನೆಗಳಾದ ಬಡವರ ಬ್ಯಾಂಕಿಂಗ್, ಸುರಕ್ಷಾ ಭೀಮಾ ಯೋಜನೆ ಮತ್ತು ಜೀವನ್ ಭೀಮಾ ಯೋಜನೆಯ ಅನುಕೂಲಕರವಾಗಿದೆ ಎಂದು ಅವರು ಹೇಳಿದರು.

ಹೈನುಗಾರಿಕೆ ತರಬೇತಿ ಪಡೆದ ಮಹಿಳೆಯರು ಸ್ವಯಂ ಉದ್ಯೋಗ ಕೈಗೊಳ್ಳುವ ಮೂಲಕ ಆರ್ಥಿಕವಾಗಿ ಸಬಲರಾಗಬೇಕು ಎಂದು ತಿಳಿಸಿದರು.

ಧಾರವಾಡ ಕ್ಷೇತ್ರದಲ್ಲಿ ದಾಖಲೆ ಅಂತರದ ಗೆಲುವು ಸಾಧಿಸುವ ವಿಶ್ವಾಸವಿದೆ. ಮತದಾರರು ಅಭಿವೃದ್ಧಿ ಪರವಾಗಿ ಮತ ಚಲಾಯಿಸಿದ್ದಾರೆ ಎಂದು ಅವರು ತಿಳಿಸಿದ್ದಾರೆ.

ಧಾರವಾಡ: ಗ್ರಾಮೀಣ ಭಾಗದ ಜನರು ಸ್ವಯಂ ಉದ್ಯೋಗ ಕೈಗೊಳ್ಳುವ ಮೂಲಕ ಸ್ವಾವಲಂಬಿ ಜೀವನ ನಡೆಸಬೇಕು ಎಂದು ಧಾರವಾಡ ಕೃಷಿ ವಿಶ್ವವಿದ್ಯಾಲಯದ ಕುಲಪತಿ ಡಾ. ಪಿ.ಎಲ್. ಪಾಟೀಲ ಹೇಳಿದರು.

ಸರ್ವಜ್ಞನ ಪ್ರಾದೇಶಿಕ ವ್ಯವಸ್ಥಾಪಕ ನಿರ್ದೇಶಕ ಎಂ. ಸಂದೀಪಕುಮಾರ ಅವರು ಮಾತನಾಡಿ, ತರಬೇತಿ ಒಂದು ಪಂಥವಾದರೆ ಆದರೆ ಅನುಷ್ಠಾನ 2 ನೇಯ ಪಂಥದಲ್ಲಿ ಮುಕ್ತಾಯ ಮಾಡಬೇಕಾಗಿದೆ ಎಂದು ಹೇಳಿದರು.

ಹೆಚ್ಚಿನವರು ಮತದಾನಕ್ಕೆ ಬಾರದ ಪರಿಣಾಮ ಫಲಿತಾಂಶದ ಮೇಲೆ ಪರಿಣಾಮ ಬೀರಲಿದೆ ಎಂದು ವಿಶ್ಲೇಷಿಸಲಾಗಿದೆ. ರಾಜ್ಯದಲ್ಲಿ ಮತದಾನ ಪ್ರಮಾಣ ಕಡಿಮೆಯಾಗಿರುವುದು ಆತಂಕಕ್ಕೆ ಕಾರಣವಾಗಿದೆ.

ಕಾರ್ಯಕ್ರಮದಲ್ಲಿ ನಾಬಾರ್ಡ್ ಅಧಿಕಾರಿಗಳು, ಸರ್ವಜ್ಞ ಸಂಸ್ಥೆಯ ಪದಾಧಿಕಾರಿಗಳು, ತರಬೇತಿ ಪಡೆದ ಮಹಿಳೆಯರು ಉಪಸ್ಥಿತರಿದ್ದರು.

ಅಭ್ಯರ್ಥಿಗಳ ಏಜೆಂಟರಿಗೆ ಮಾತ್ರ ಪ್ರವೇಶ ನೀಡಲಾಗುವುದು. ಗುರುತಿನ ಚೀಟಿ ಕಡ್ಡಾಯವಾಗಿದೆ ಎಂದು ಜಿಲ್ಲಾಧಿಕಾರಿ ತಿಳಿಸಿದ್ದಾರೆ.

ಸರ್ವಜ್ಞನಂದು ಮಹಾಸಂಸ್ಥೆಯ ಸಿ.ಇ.ಒ. ಜೆ. ವೀರಣ್ಣ, ಸರ್ವಜ್ಞನಂದು ಮಹಾಸಂಸ್ಥೆಯ ನಿರ್ದೇಶಕರಾದ ಶ್ರೀಮತಿ ಜಯಶ್ರೀ ಹಾಗೂ ಇತರರು ಉಪಸ್ಥಿತರಿದ್ದರು.
